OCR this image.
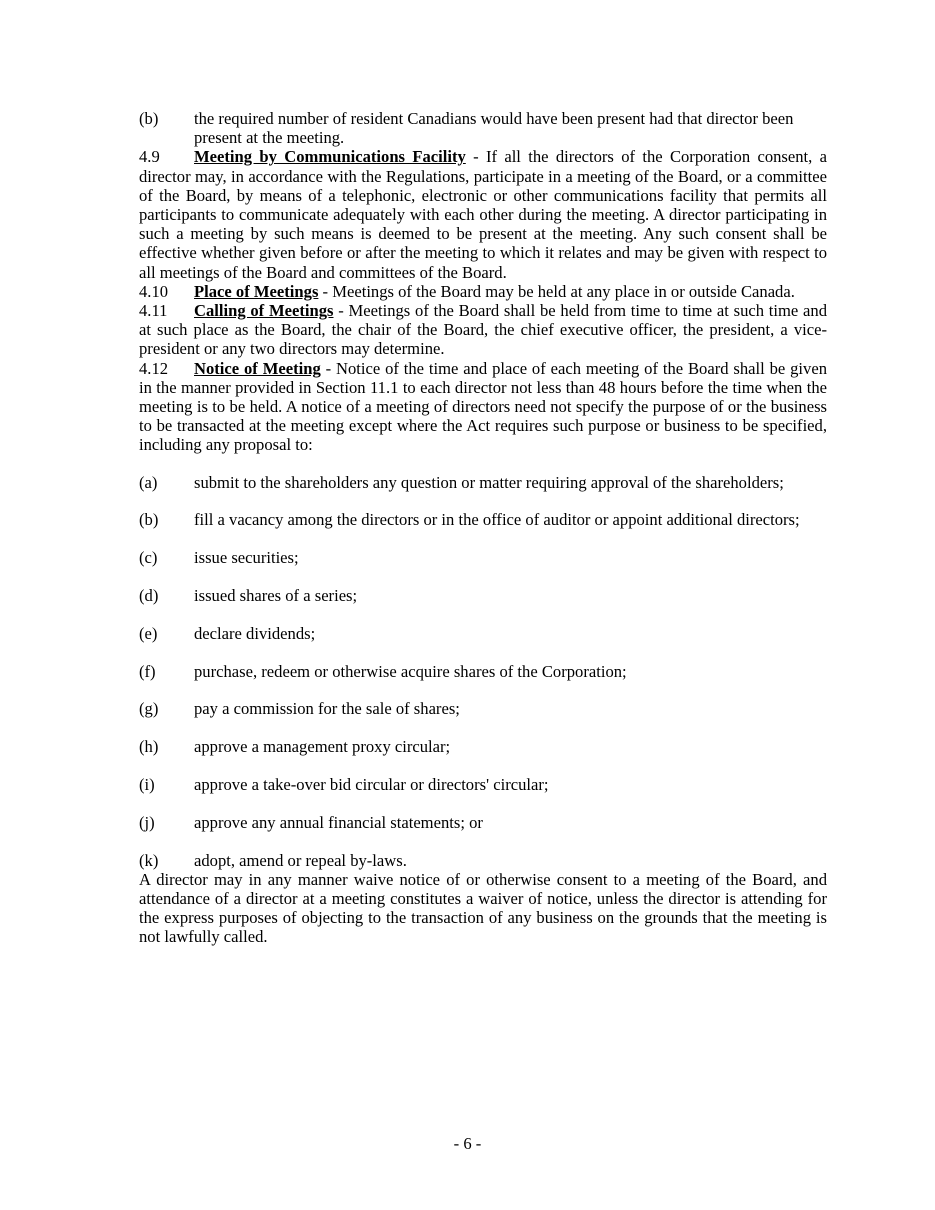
(b)	the required number of resident Canadians would have been present had that director been present at the meeting.

4.9 Meeting by Communications Facility - If all the directors of the Corporation consent, a director may, in accordance with the Regulations, participate in a meeting of the Board, or a committee of the Board, by means of a telephonic, electronic or other communications facility that permits all participants to communicate adequately with each other during the meeting. A director participating in such a meeting by such means is deemed to be present at the meeting. Any such consent shall be effective whether given before or after the meeting to which it relates and may be given with respect to all meetings of the Board and committees of the Board.

4.10 Place of Meetings - Meetings of the Board may be held at any place in or outside Canada.

4.11 Calling of Meetings - Meetings of the Board shall be held from time to time at such time and at such place as the Board, the chair of the Board, the chief executive officer, the president, a vice-president or any two directors may determine.

4.12 Notice of Meeting - Notice of the time and place of each meeting of the Board shall be given in the manner provided in Section 11.1 to each director not less than 48 hours before the time when the meeting is to be held. A notice of a meeting of directors need not specify the purpose of or the business to be transacted at the meeting except where the Act requires such purpose or business to be specified, including any proposal to:

(a)	submit to the shareholders any question or matter requiring approval of the shareholders;
(b)	fill a vacancy among the directors or in the office of auditor or appoint additional directors;
(c)	issue securities;
(d)	issued shares of a series;
(e)	declare dividends;
(f)	purchase, redeem or otherwise acquire shares of the Corporation;
(g)	pay a commission for the sale of shares;
(h)	approve a management proxy circular;
(i)	approve a take-over bid circular or directors' circular;
(j)	approve any annual financial statements; or
(k)	adopt, amend or repeal by-laws.

A director may in any manner waive notice of or otherwise consent to a meeting of the Board, and attendance of a director at a meeting constitutes a waiver of notice, unless the director is attending for the express purposes of objecting to the transaction of any business on the grounds that the meeting is not lawfully called.

- 6 -
